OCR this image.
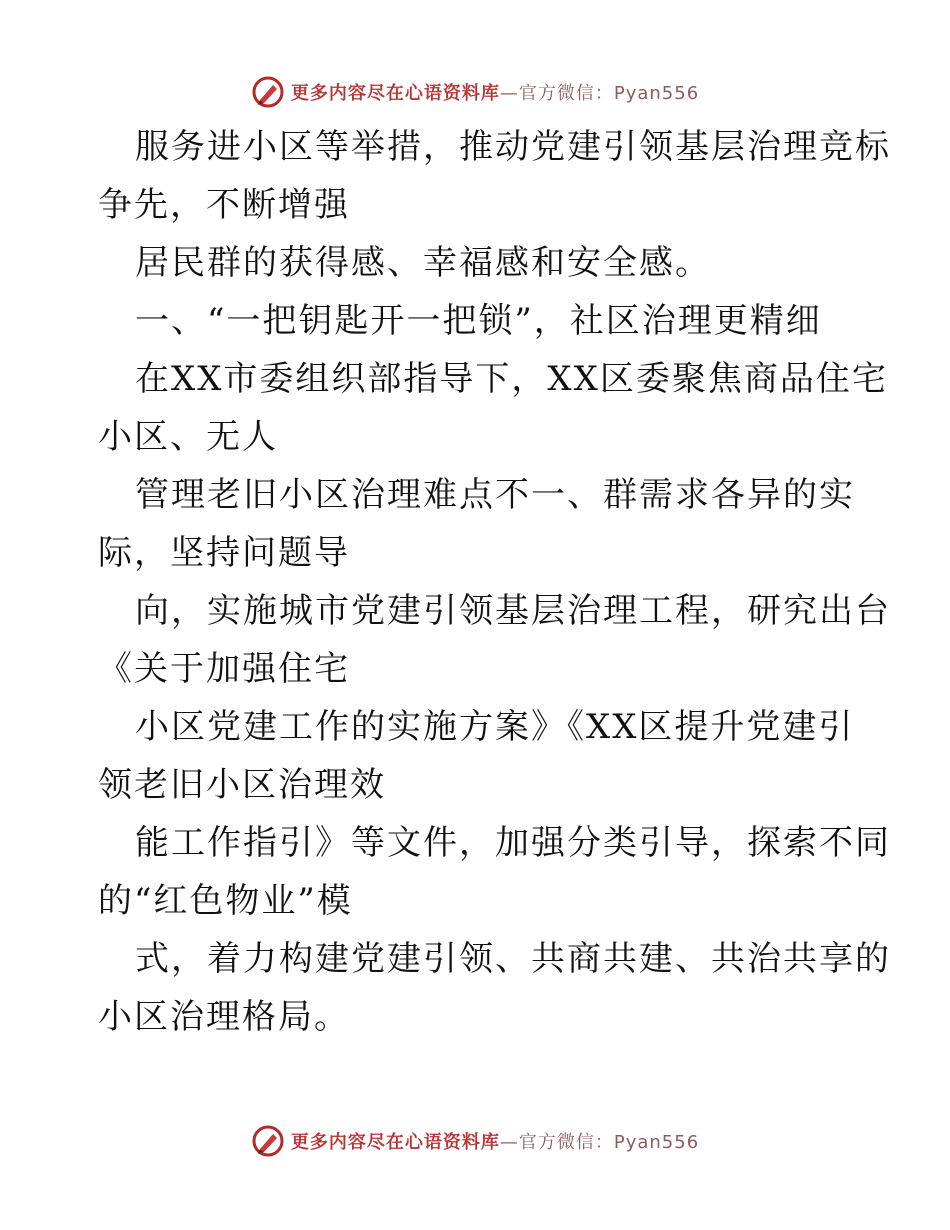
更多内容尽在心语资料库—官方微信：Pyan556
服务进小区等举措，推动党建引领基层治理竞标
争先，不断增强
居民群的获得感、幸福感和安全感。
一、“一把钥匙开一把锁”，社区治理更精细
在XX市委组织部指导下，XX区委聚焦商品住宅
小区、无人
管理老旧小区治理难点不一、群需求各异的实
际，坚持问题导
向，实施城市党建引领基层治理工程，研究出台
《关于加强住宅
小区党建工作的实施方案》《XX区提升党建引
领老旧小区治理效
能工作指引》等文件，加强分类引导，探索不同
的“红色物业”模
式，着力构建党建引领、共商共建、共治共享的
小区治理格局。
更多内容尽在心语资料库—官方微信：Pyan556
